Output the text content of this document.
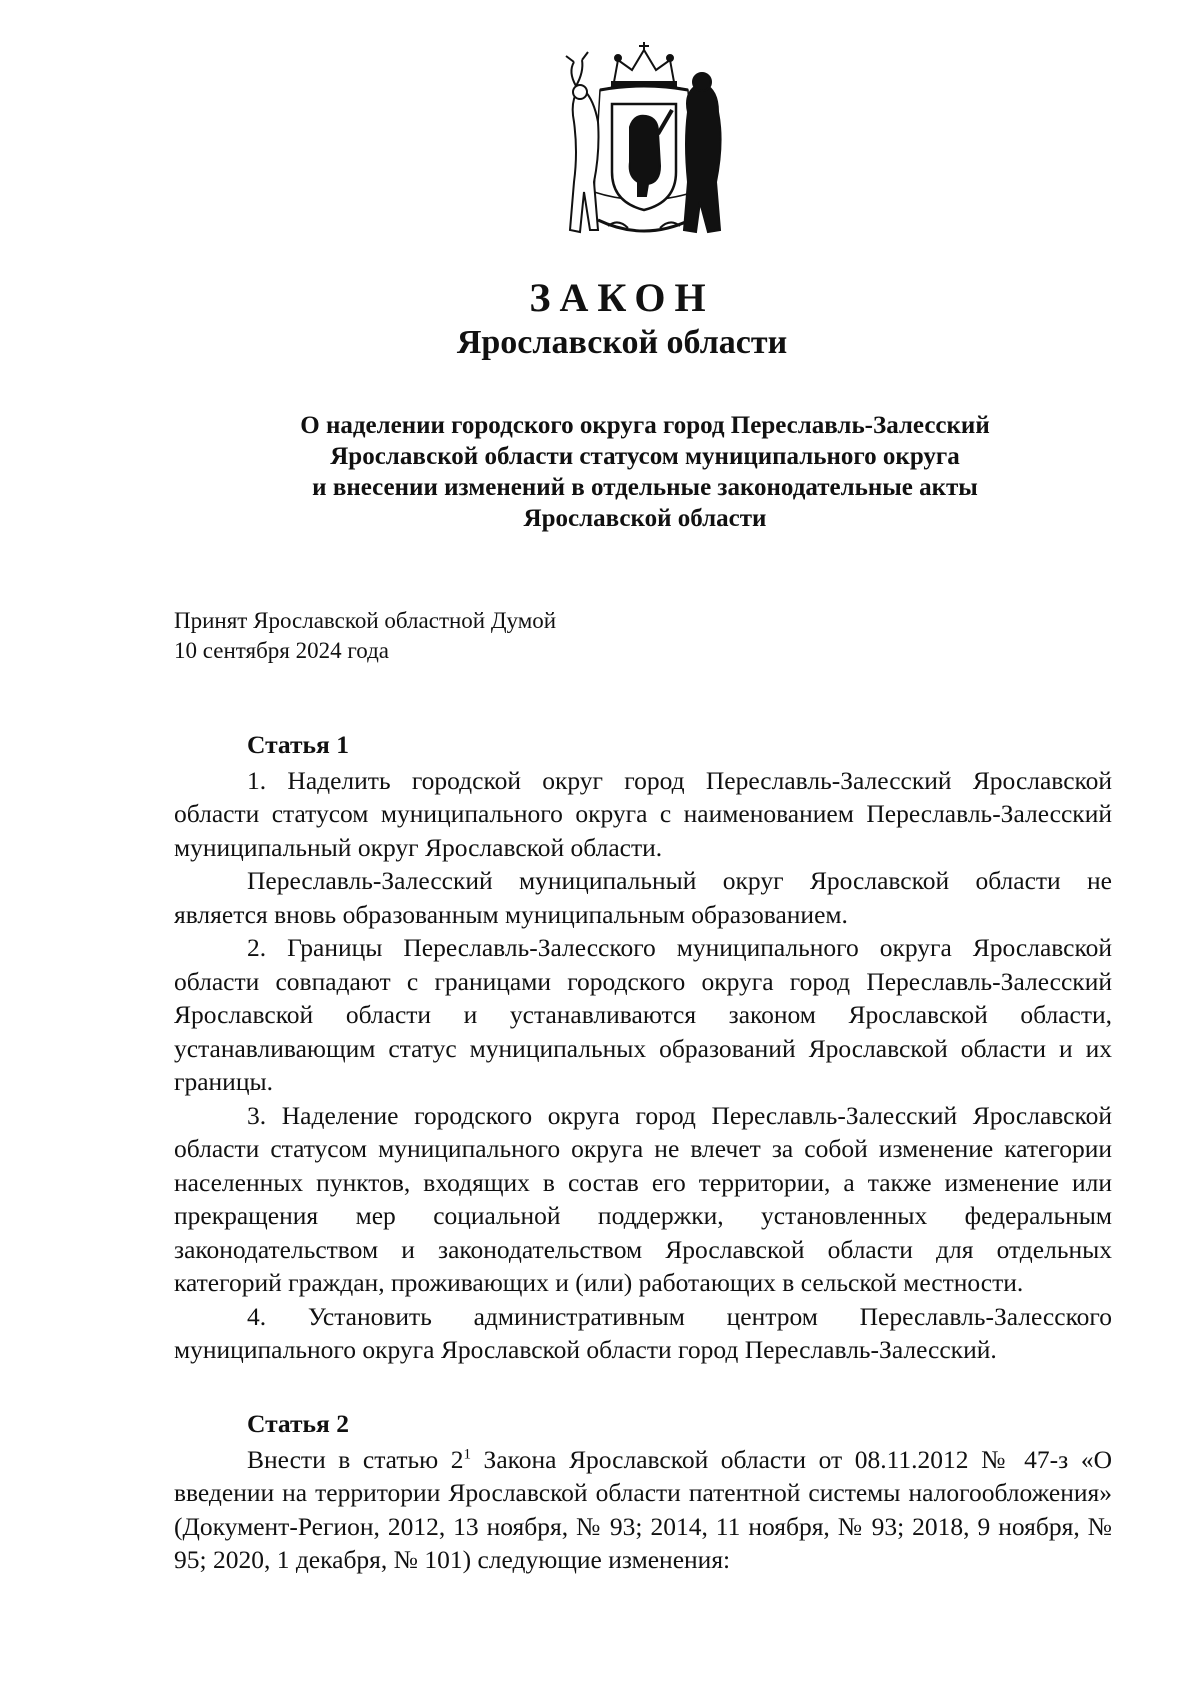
ЗАКОН
Ярославской области
О наделении городского округа город Переславль-Залесский
Ярославской области статусом муниципального округа
и внесении изменений в отдельные законодательные акты
Ярославской области
Принят Ярославской областной Думой
10 сентября 2024 года
Статья 1

1. Наделить городской округ город Переславль-Залесский Ярославской области статусом муниципального округа с наименованием Переславль-Залесский муниципальный округ Ярославской области.

Переславль-Залесский муниципальный округ Ярославской области не является вновь образованным муниципальным образованием.

2. Границы Переславль-Залесского муниципального округа Ярославской области совпадают с границами городского округа город Переславль-Залесский Ярославской области и устанавливаются законом Ярославской области, устанавливающим статус муниципальных образований Ярославской области и их границы.

3. Наделение городского округа город Переславль-Залесский Ярославской области статусом муниципального округа не влечет за собой изменение категории населенных пунктов, входящих в состав его территории, а также изменение или прекращения мер социальной поддержки, установленных федеральным законодательством и законодательством Ярославской области для отдельных категорий граждан, проживающих и (или) работающих в сельской местности.

4. Установить административным центром Переславль-Залесского муниципального округа Ярославской области город Переславль-Залесский.

Статья 2

Внести в статью $2^1$ Закона Ярославской области от 08.11.2012 № 47-з «О введении на территории Ярославской области патентной системы налогообложения» (Документ-Регион, 2012, 13 ноября, № 93; 2014, 11 ноября, № 93; 2018, 9 ноября, № 95; 2020, 1 декабря, № 101) следующие изменения:
